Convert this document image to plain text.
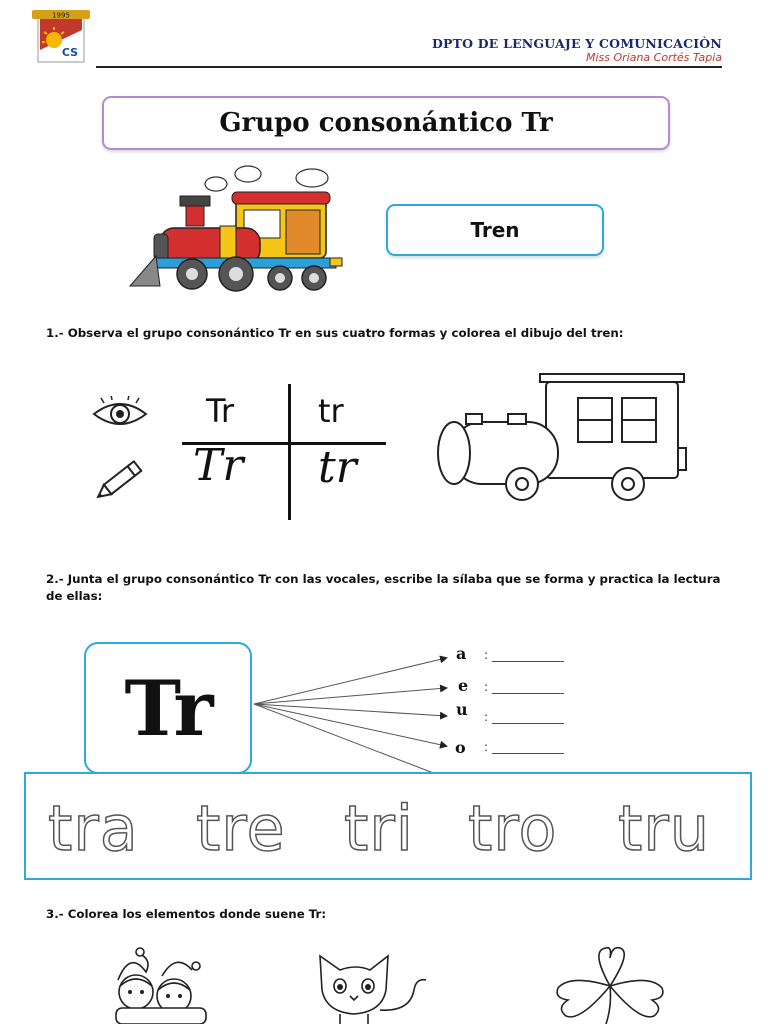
1995
CS
DPTO DE LENGUAJE Y COMUNICACIÒN
Miss Oriana Cortés Tapia
Grupo consonántico Tr
Tren
1.- Observa el grupo consonántico Tr en sus cuatro formas y colorea el dibujo del tren:
Tr	tr
Tr tr
2.- Junta el grupo consonántico Tr con las vocales, escribe la sílaba que se forma y practica la lectura de ellas:
Tr
a : ____________
e : ____________
u : ____________
o : ____________
tra tre tri tro tru
3.- Colorea los elementos donde suene Tr:
